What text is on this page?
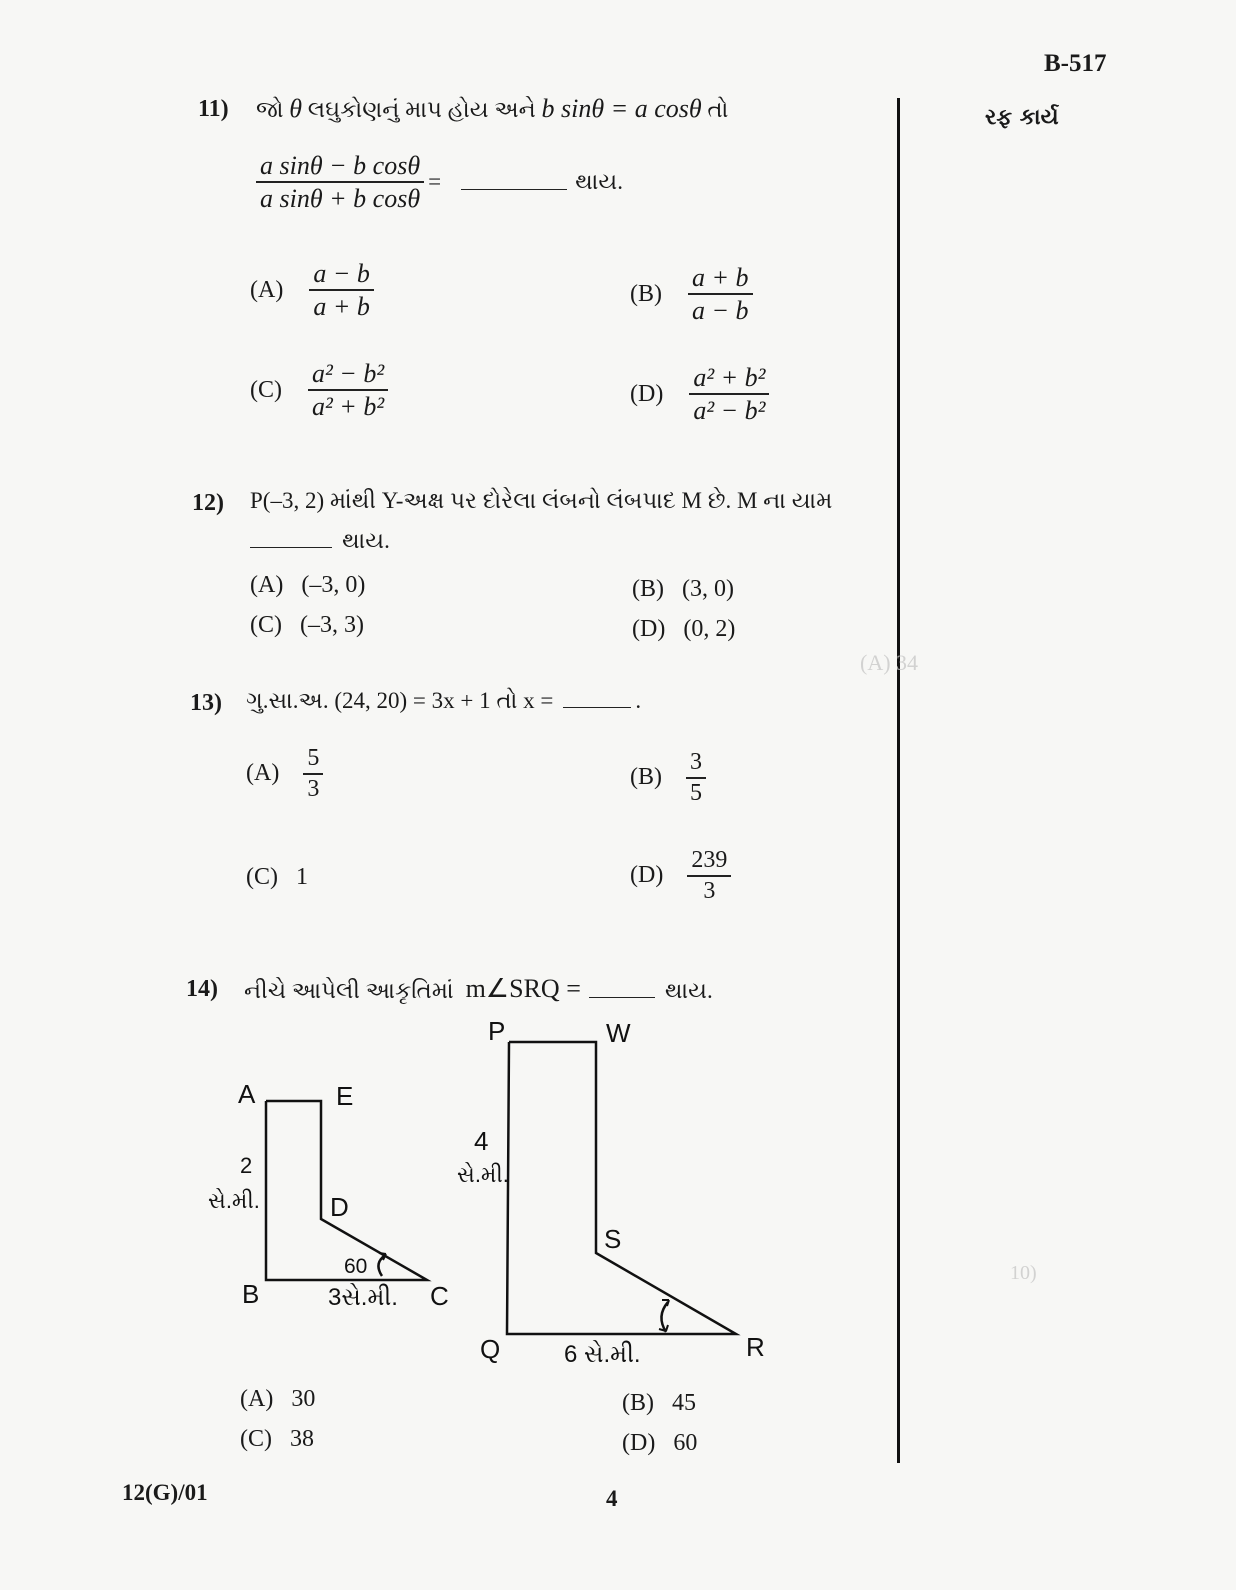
B-517
રફ કાર્ય
(A) 34
10)
11) જો θ લઘુકોણનું માપ હોય અને b sinθ = a cosθ તો
$\frac{\text{a sinθ − b cosθ}}{\text{a sinθ + b cosθ}}$ =	થાય.
$(A) \frac{a - b}{a + b}$	$(B) \frac{a + b}{a - b}$
$(C) \frac{\text{a² − b²}}{\text{a² + b²}}$	$(D) \frac{\text{a² + b²}}{\text{a² − b²}}$
12) P(–3, 2) માંથી Y-અક્ષ પર દોરેલા લંબનો લંબપાદ M છે. M ના યામ
થાય.
(A) (–3, 0)	(B) (3, 0)
(C) (–3, 3)	(D) (0, 2)
13) ગુ.સા.અ. (24, 20) = 3x + 1 તો x =	.
$(A) \frac{5}{3}$	$(B) \frac{3}{5}$
(C) 1	$(D) \frac{239}{3}$
14) નીચે આપેલી આકૃતિમાં m∠SRQ =	થાય.
A	E
2
સે.મી.	D
60
B	3સે.મી. C
P	W
4
સે.મી.
S
Q	6 સે.મી.	R
(A) 30	(B) 45
(C) 38	(D) 60
12(G)/01	4
